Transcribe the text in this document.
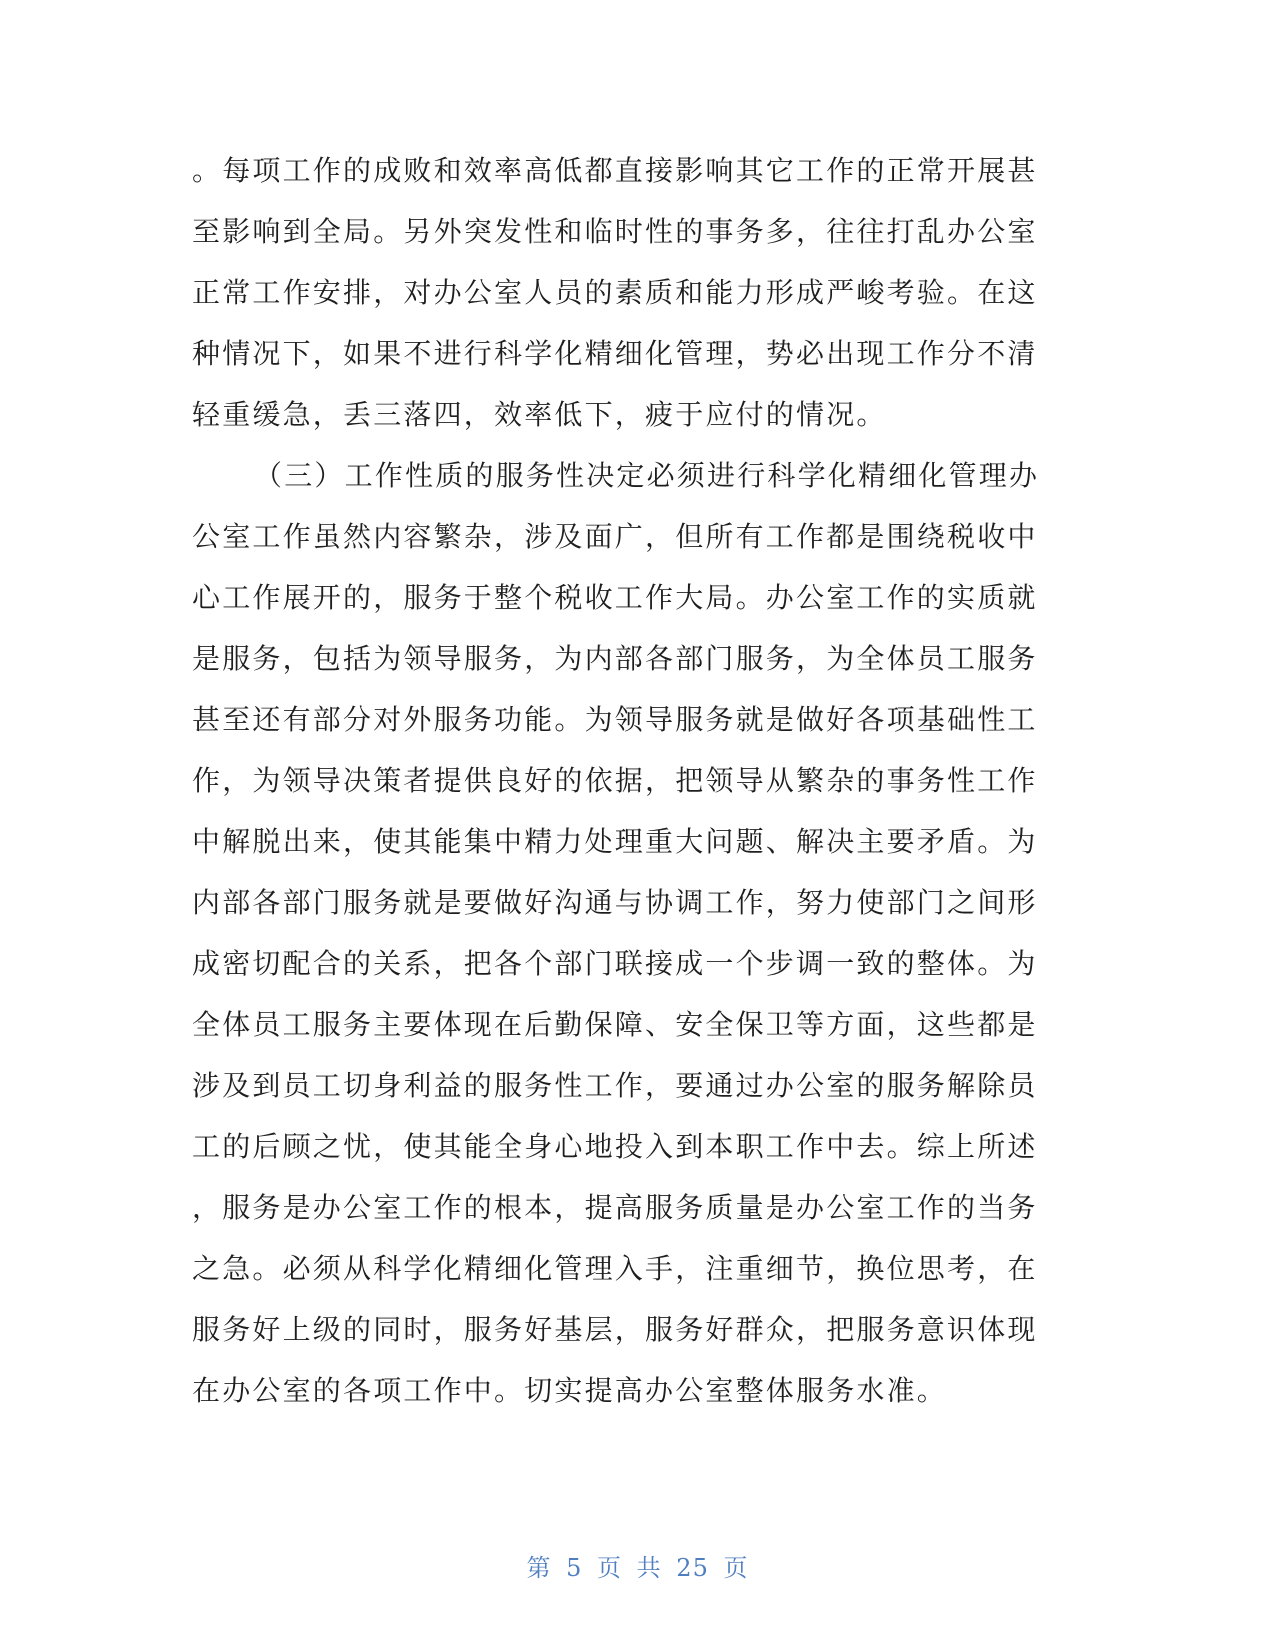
。每项工作的成败和效率高低都直接影响其它工作的正常开展甚
至影响到全局。另外突发性和临时性的事务多，往往打乱办公室
正常工作安排，对办公室人员的素质和能力形成严峻考验。在这
种情况下，如果不进行科学化精细化管理，势必出现工作分不清
轻重缓急，丢三落四，效率低下，疲于应付的情况。
（三）工作性质的服务性决定必须进行科学化精细化管理办
公室工作虽然内容繁杂，涉及面广，但所有工作都是围绕税收中
心工作展开的，服务于整个税收工作大局。办公室工作的实质就
是服务，包括为领导服务，为内部各部门服务，为全体员工服务
甚至还有部分对外服务功能。为领导服务就是做好各项基础性工
作，为领导决策者提供良好的依据，把领导从繁杂的事务性工作
中解脱出来，使其能集中精力处理重大问题、解决主要矛盾。为
内部各部门服务就是要做好沟通与协调工作，努力使部门之间形
成密切配合的关系，把各个部门联接成一个步调一致的整体。为
全体员工服务主要体现在后勤保障、安全保卫等方面，这些都是
涉及到员工切身利益的服务性工作，要通过办公室的服务解除员
工的后顾之忧，使其能全身心地投入到本职工作中去。综上所述
，服务是办公室工作的根本，提高服务质量是办公室工作的当务
之急。必须从科学化精细化管理入手，注重细节，换位思考，在
服务好上级的同时，服务好基层，服务好群众，把服务意识体现
在办公室的各项工作中。切实提高办公室整体服务水准。
第 5 页 共 25 页
